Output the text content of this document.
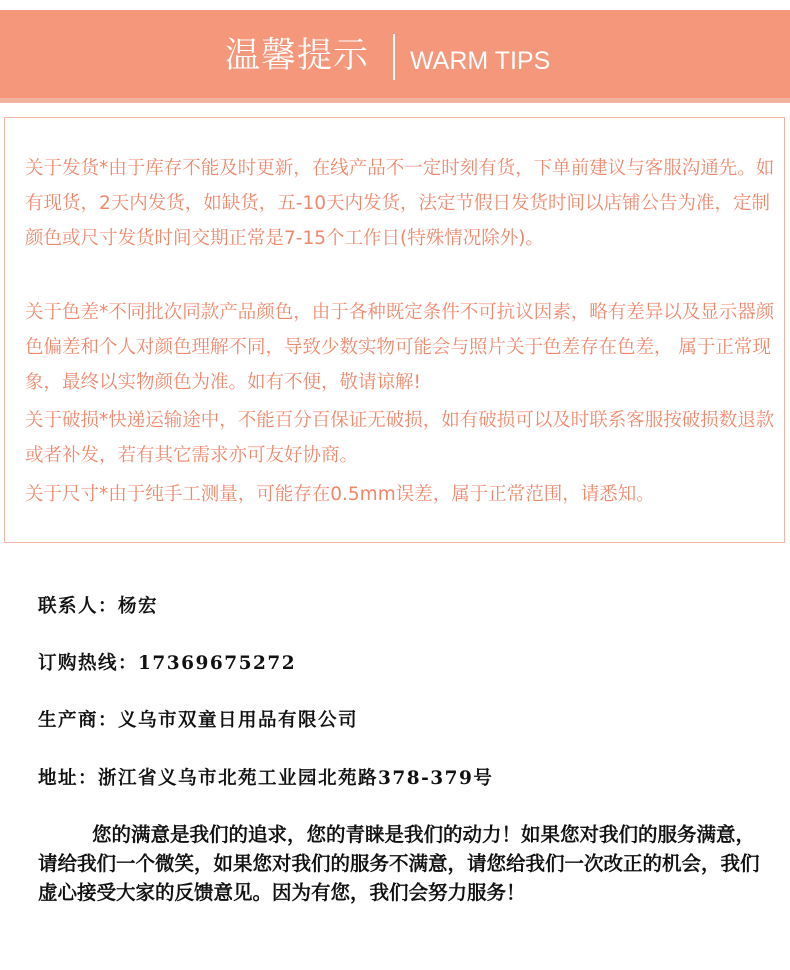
温馨提示 WARM TIPS

关于发货*由于库存不能及时更新，在线产品不一定时刻有货，下单前建议与客服沟通先。如有现货，2天内发货，如缺货，五-10天内发货，法定节假日发货时间以店铺公告为准，定制颜色或尺寸发货时间交期正常是7-15个工作日(特殊情况除外)。

关于色差*不同批次同款产品颜色，由于各种既定条件不可抗议因素，略有差异以及显示器颜色偏差和个人对颜色理解不同，导致少数实物可能会与照片关于色差存在色差， 属于正常现象，最终以实物颜色为准。如有不便，敬请谅解!

关于破损*快递运输途中，不能百分百保证无破损，如有破损可以及时联系客服按破损数退款或者补发，若有其它需求亦可友好协商。

关于尺寸*由于纯手工测量，可能存在0.5mm误差，属于正常范围，请悉知。

联系人：杨宏
订购热线：17369675272
生产商：义乌市双童日用品有限公司
地址：浙江省义乌市北苑工业园北苑路378-379号

您的满意是我们的追求，您的青睐是我们的动力！如果您对我们的服务满意，请给我们一个微笑，如果您对我们的服务不满意，请您给我们一次改正的机会，我们虚心接受大家的反馈意见。因为有您，我们会努力服务！
